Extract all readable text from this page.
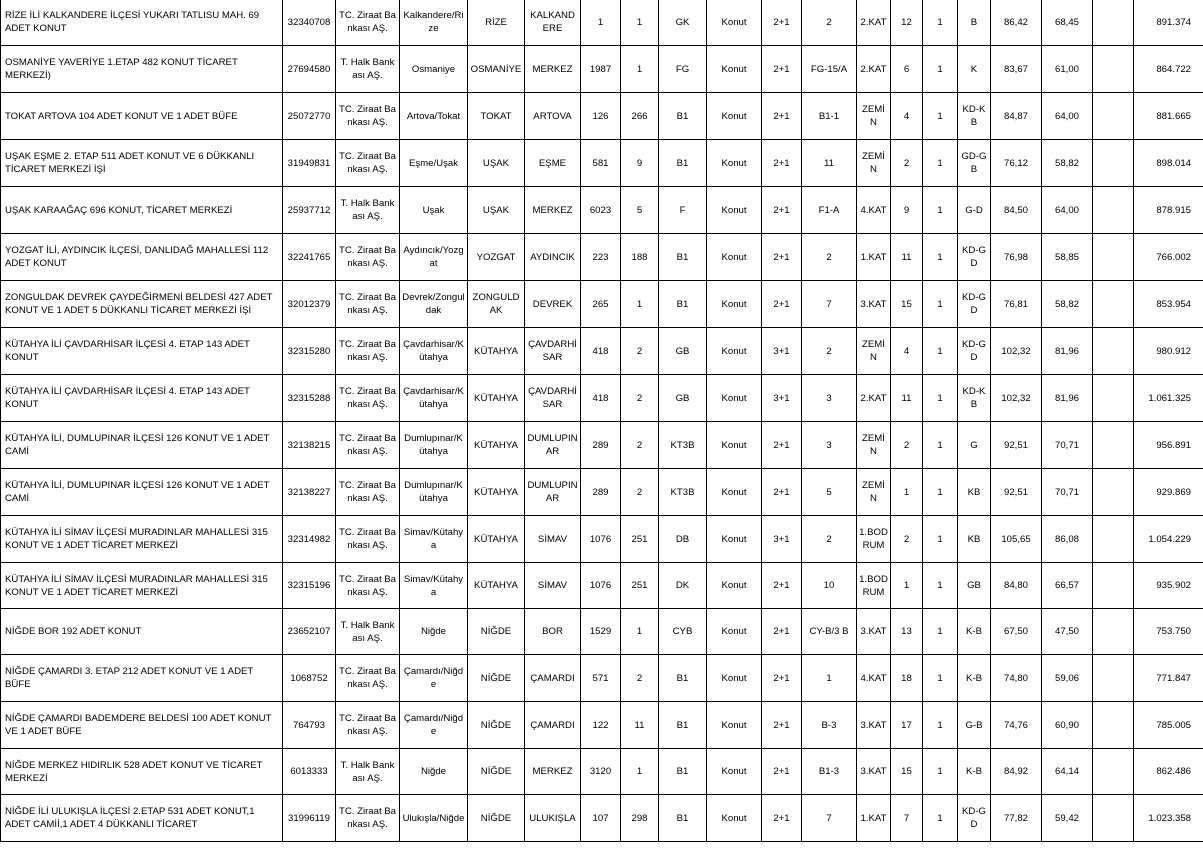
RİZE İLİ KALKANDERE İLÇESİ YUKARI TATLISU MAH. 69 ADET KONUT	32340708	TC. Ziraat Bankası AŞ.	Kalkandere/Rize	RİZE	KALKANDERE	1	1	GK	Konut	2+1	2	2.KAT	12	1	B	86,42	68,45		891.374
OSMANİYE YAVERİYE 1.ETAP 482 KONUT TİCARET MERKEZİ)	27694580	T. Halk Bankası AŞ.	Osmaniye	OSMANİYE	MERKEZ	1987	1	FG	Konut	2+1	FG-15/A	2.KAT	6	1	K	83,67	61,00		864.722
TOKAT ARTOVA 104 ADET KONUT VE 1 ADET BÜFE	25072770	TC. Ziraat Bankası AŞ.	Artova/Tokat	TOKAT	ARTOVA	126	266	B1	Konut	2+1	B1-1	ZEMİN	4	1	KD-KB	84,87	64,00		881.665
UŞAK EŞME 2. ETAP 511 ADET KONUT VE 6 DÜKKANLI TİCARET MERKEZİ İŞİ	31949831	TC. Ziraat Bankası AŞ.	Eşme/Uşak	UŞAK	EŞME	581	9	B1	Konut	2+1	11	ZEMİN	2	1	GD-GB	76,12	58,82		898.014
UŞAK KARAAĞAÇ 696 KONUT, TİCARET MERKEZİ	25937712	T. Halk Bankası AŞ.	Uşak	UŞAK	MERKEZ	6023	5	F	Konut	2+1	F1-A	4.KAT	9	1	G-D	84,50	64,00		878.915
YOZGAT İLİ, AYDINCIK İLÇESİ, DANLIDAĞ MAHALLESİ 112 ADET KONUT	32241765	TC. Ziraat Bankası AŞ.	Aydıncık/Yozgat	YOZGAT	AYDINCIK	223	188	B1	Konut	2+1	2	1.KAT	11	1	KD-GD	76,98	58,85		766.002
ZONGULDAK DEVREK ÇAYDEĞİRMENİ BELDESİ 427 ADET KONUT VE 1 ADET 5 DÜKKANLI TİCARET MERKEZİ İŞİ	32012379	TC. Ziraat Bankası AŞ.	Devrek/Zonguldak	ZONGULDAK	DEVREK	265	1	B1	Konut	2+1	7	3.KAT	15	1	KD-GD	76,81	58,82		853.954
KÜTAHYA İLİ ÇAVDARHİSAR İLÇESİ 4. ETAP 143 ADET KONUT	32315280	TC. Ziraat Bankası AŞ.	Çavdarhisar/Kütahya	KÜTAHYA	ÇAVDARHİSAR	418	2	GB	Konut	3+1	2	ZEMİN	4	1	KD-GD	102,32	81,96		980.912
KÜTAHYA İLİ ÇAVDARHİSAR İLÇESİ 4. ETAP 143 ADET KONUT	32315288	TC. Ziraat Bankası AŞ.	Çavdarhisar/Kütahya	KÜTAHYA	ÇAVDARHİSAR	418	2	GB	Konut	3+1	3	2.KAT	11	1	KD-KB	102,32	81,96		1.061.325
KÜTAHYA İLİ, DUMLUPINAR İLÇESİ 126 KONUT VE 1 ADET CAMİ	32138215	TC. Ziraat Bankası AŞ.	Dumlupınar/Kütahya	KÜTAHYA	DUMLUPINAR	289	2	KT3B	Konut	2+1	3	ZEMİN	2	1	G	92,51	70,71		956.891
KÜTAHYA İLİ, DUMLUPINAR İLÇESİ 126 KONUT VE 1 ADET CAMİ	32138227	TC. Ziraat Bankası AŞ.	Dumlupınar/Kütahya	KÜTAHYA	DUMLUPINAR	289	2	KT3B	Konut	2+1	5	ZEMİN	1	1	KB	92,51	70,71		929.869
KÜTAHYA İLİ SİMAV İLÇESİ MURADINLAR MAHALLESİ 315 KONUT VE 1 ADET TİCARET MERKEZİ	32314982	TC. Ziraat Bankası AŞ.	Simav/Kütahya	KÜTAHYA	SİMAV	1076	251	DB	Konut	3+1	2	1.BODRUM	2	1	KB	105,65	86,08		1.054.229
KÜTAHYA İLİ SİMAV İLÇESİ MURADINLAR MAHALLESİ 315 KONUT VE 1 ADET TİCARET MERKEZİ	32315196	TC. Ziraat Bankası AŞ.	Simav/Kütahya	KÜTAHYA	SİMAV	1076	251	DK	Konut	2+1	10	1.BODRUM	1	1	GB	84,80	66,57		935.902
NİĞDE BOR 192 ADET KONUT	23652107	T. Halk Bankası AŞ.	Niğde	NİĞDE	BOR	1529	1	CYB	Konut	2+1	CY-B/3 B	3.KAT	13	1	K-B	67,50	47,50		753.750
NİĞDE ÇAMARDI 3. ETAP 212 ADET KONUT VE 1 ADET BÜFE	1068752	TC. Ziraat Bankası AŞ.	Çamardı/Niğde	NİĞDE	ÇAMARDI	571	2	B1	Konut	2+1	1	4.KAT	18	1	K-B	74,80	59,06		771.847
NİĞDE ÇAMARDI BADEMDERE BELDESİ 100 ADET KONUT VE 1 ADET BÜFE	764793	TC. Ziraat Bankası AŞ.	Çamardı/Niğde	NİĞDE	ÇAMARDI	122	11	B1	Konut	2+1	B-3	3.KAT	17	1	G-B	74,76	60,90		785.005
NİĞDE MERKEZ HIDIRLIK 528 ADET KONUT VE TİCARET MERKEZİ	6013333	T. Halk Bankası AŞ.	Niğde	NİĞDE	MERKEZ	3120	1	B1	Konut	2+1	B1-3	3.KAT	15	1	K-B	84,92	64,14		862.486
NİĞDE İLİ ULUKIŞLA İLÇESİ 2.ETAP 531 ADET KONUT,1 ADET CAMİİ,1 ADET 4 DÜKKANLI TİCARET	31996119	TC. Ziraat Bankası AŞ.	Ulukışla/Niğde	NİĞDE	ULUKIŞLA	107	298	B1	Konut	2+1	7	1.KAT	7	1	KD-GD	77,82	59,42		1.023.358
